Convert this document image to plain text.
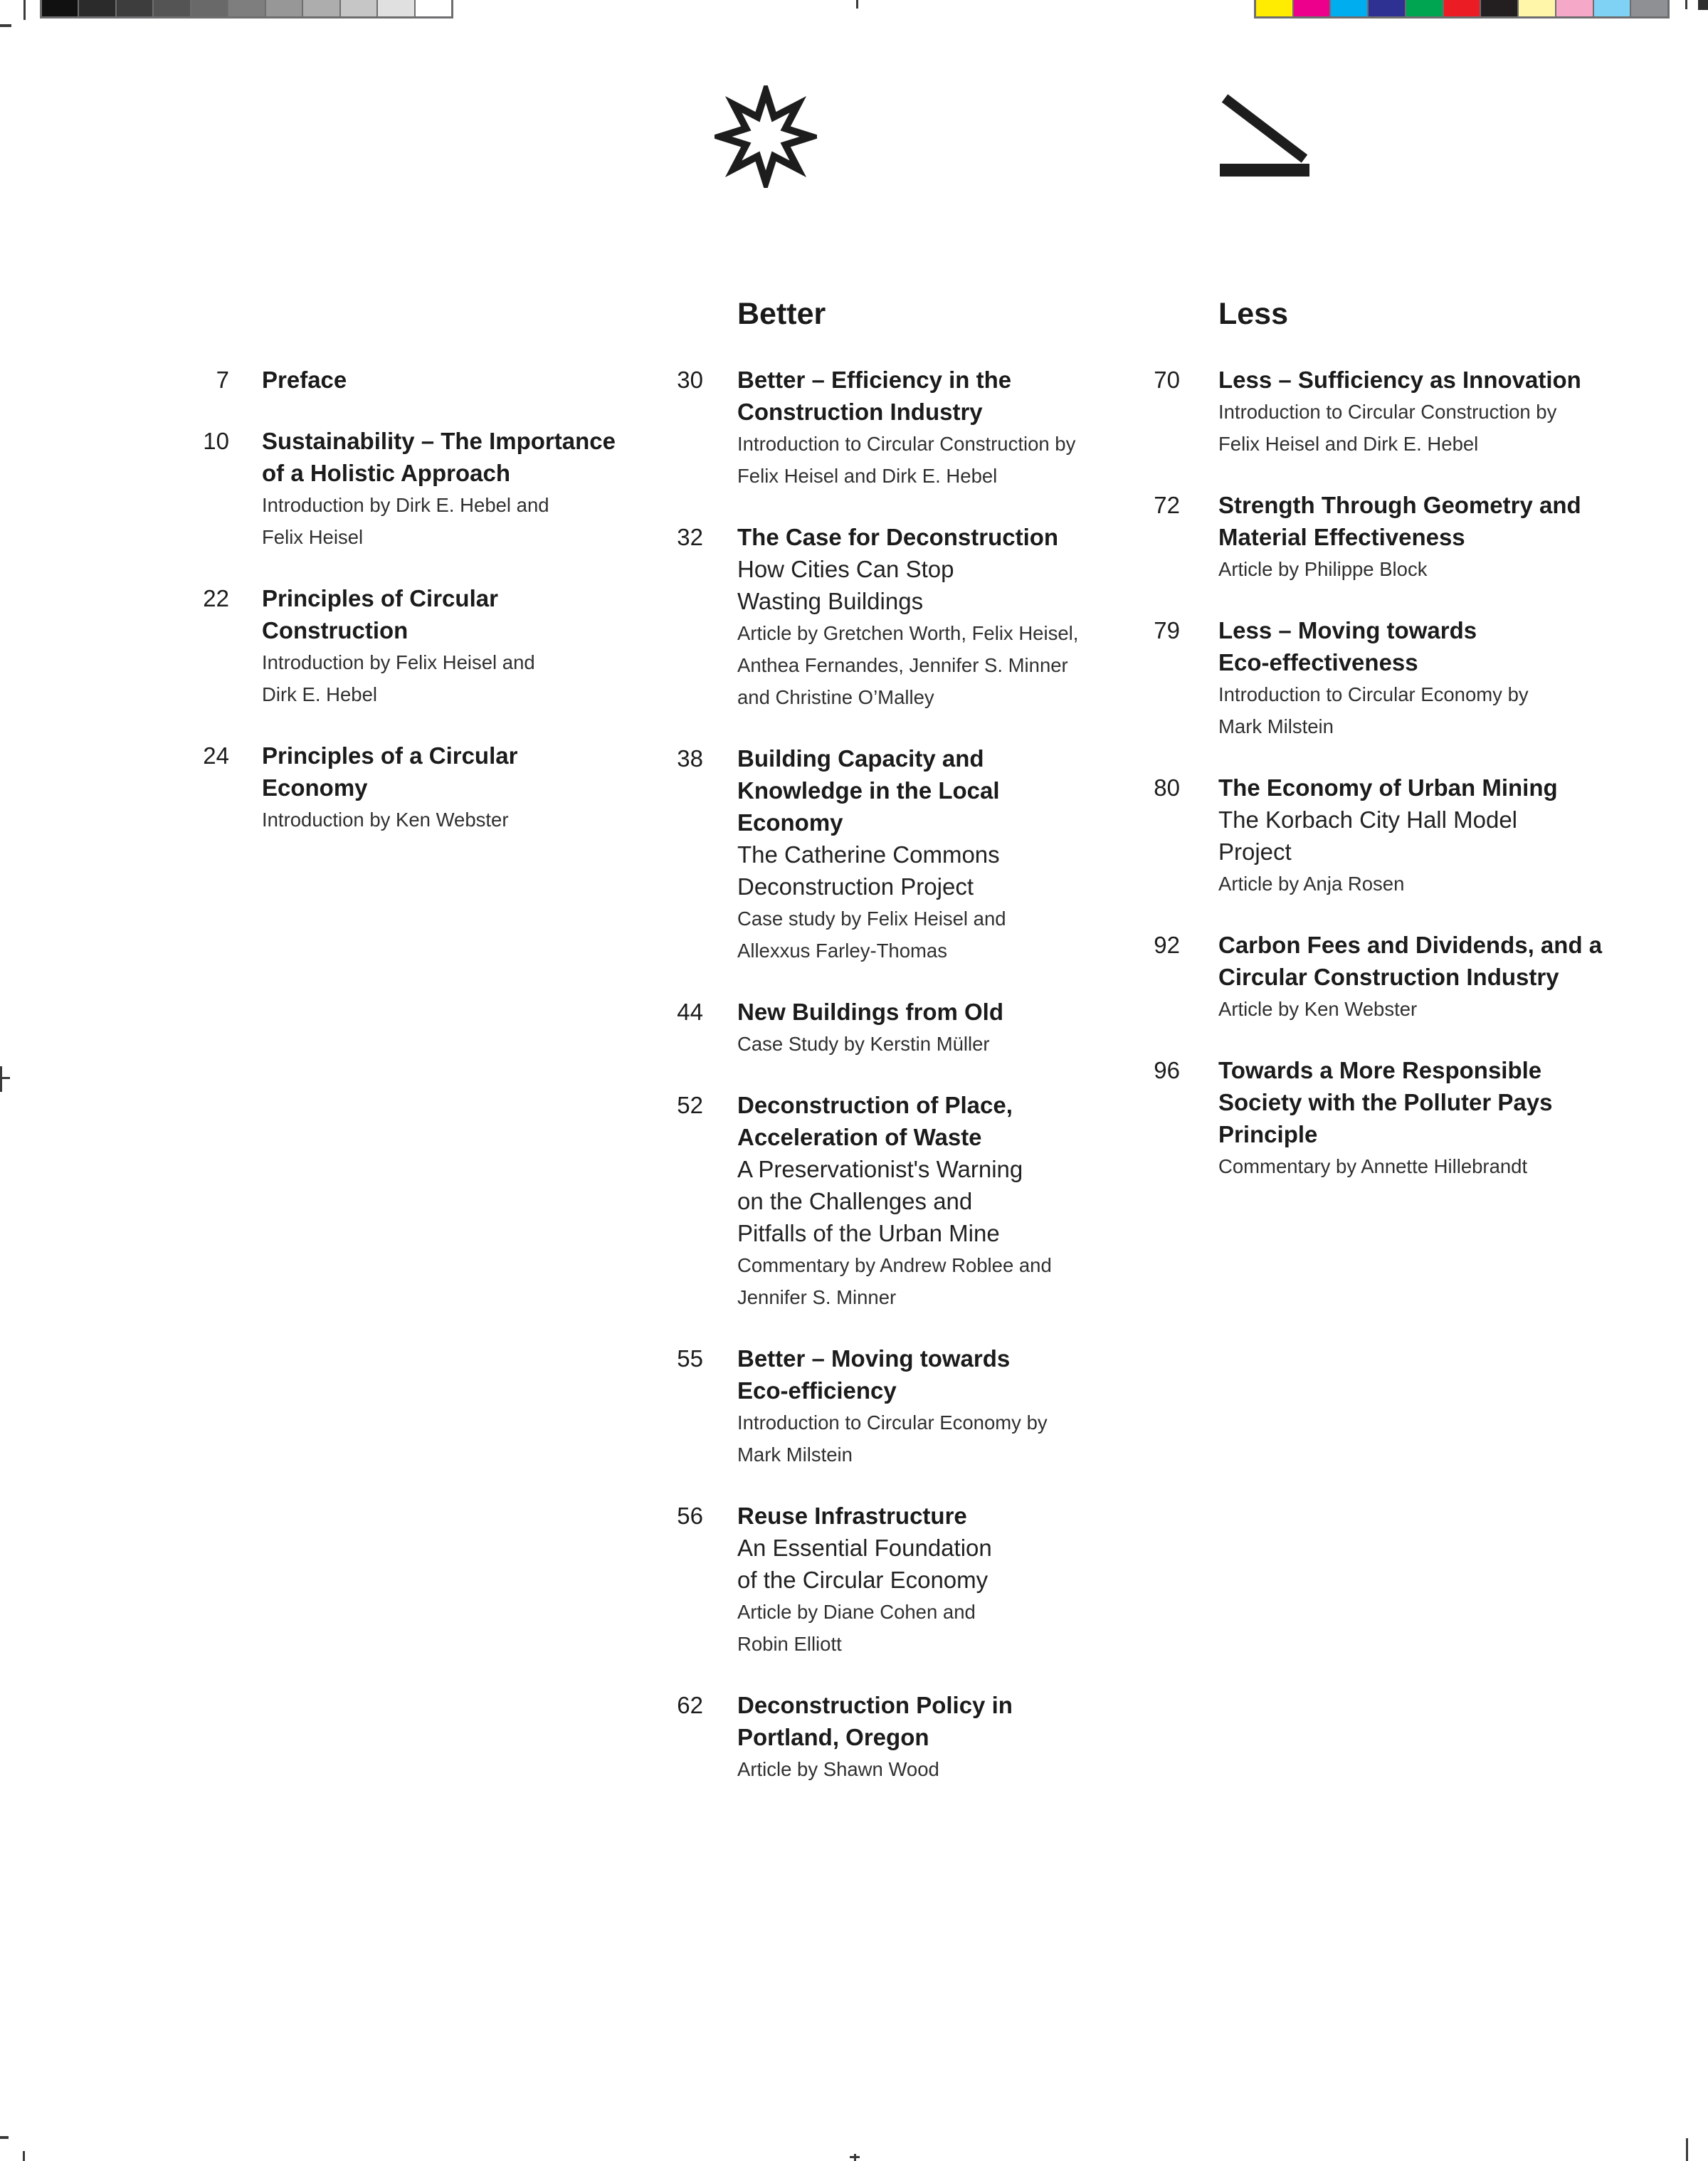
Better	Less
7 Preface
10 Sustainability – The Importance
of a Holistic Approach
Introduction by Dirk E. Hebel and
Felix Heisel
22 Principles of Circular
Construction
Introduction by Felix Heisel and
Dirk E. Hebel
24 Principles of a Circular
Economy
Introduction by Ken Webster
30 Better – Efficiency in the
Construction Industry
Introduction to Circular Construction by
Felix Heisel and Dirk E. Hebel
32 The Case for Deconstruction
How Cities Can Stop
Wasting Buildings
Article by Gretchen Worth, Felix Heisel,
Anthea Fernandes, Jennifer S. Minner
and Christine O’Malley
38 Building Capacity and
Knowledge in the Local
Economy
The Catherine Commons
Deconstruction Project
Case study by Felix Heisel and
Allexxus Farley-Thomas
44 New Buildings from Old
Case Study by Kerstin Müller
52 Deconstruction of Place,
Acceleration of Waste
A Preservationist's Warning
on the Challenges and
Pitfalls of the Urban Mine
Commentary by Andrew Roblee and
Jennifer S. Minner
55 Better – Moving towards
Eco-efficiency
Introduction to Circular Economy by
Mark Milstein
56 Reuse Infrastructure
An Essential Foundation
of the Circular Economy
Article by Diane Cohen and
Robin Elliott
62 Deconstruction Policy in
Portland, Oregon
Article by Shawn Wood
70 Less – Sufficiency as Innovation
Introduction to Circular Construction by
Felix Heisel and Dirk E. Hebel
72 Strength Through Geometry and
Material Effectiveness
Article by Philippe Block
79 Less – Moving towards
Eco-effectiveness
Introduction to Circular Economy by
Mark Milstein
80 The Economy of Urban Mining
The Korbach City Hall Model
Project
Article by Anja Rosen
92 Carbon Fees and Dividends, and a
Circular Construction Industry
Article by Ken Webster
96 Towards a More Responsible
Society with the Polluter Pays
Principle
Commentary by Annette Hillebrandt
